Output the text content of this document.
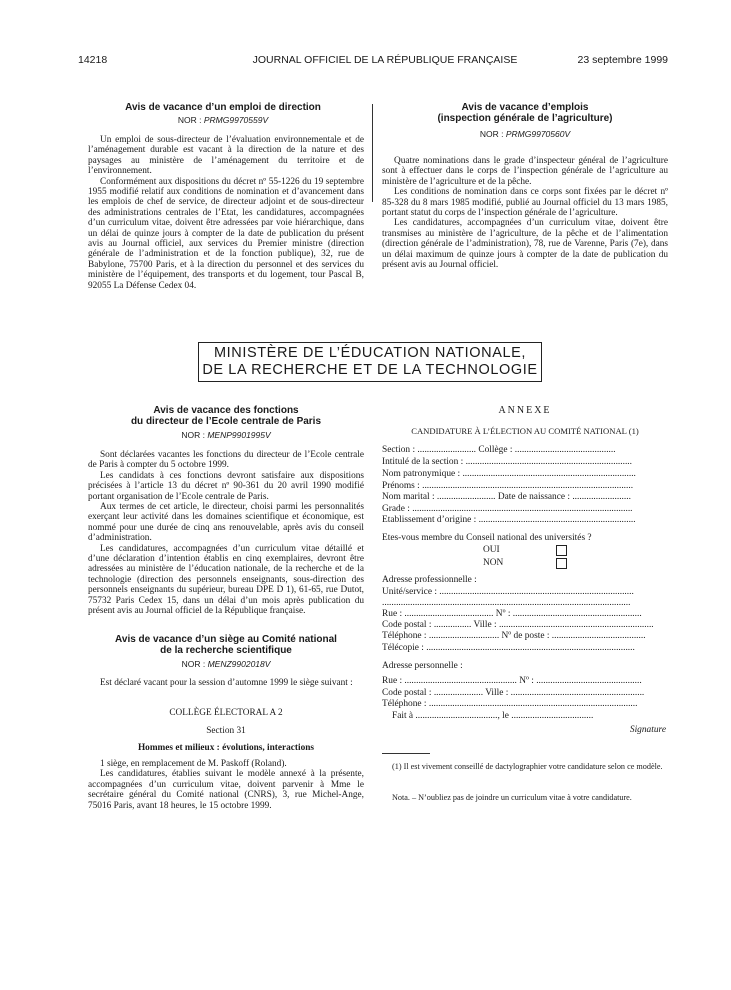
14218	JOURNAL OFFICIEL DE LA RÉPUBLIQUE FRANÇAISE	23 septembre 1999
Avis de vacance d’un emploi de direction
NOR : PRMG9970559V

Un emploi de sous-directeur de l’évaluation environnementale et de l’aménagement durable est vacant à la direction de la nature et des paysages au ministère de l’aménagement du territoire et de l’environnement.

Conformément aux dispositions du décret nº 55-1226 du 19 septembre 1955 modifié relatif aux conditions de nomination et d’avancement dans les emplois de chef de service, de directeur adjoint et de sous-directeur des administrations centrales de l’Etat, les candidatures, accompagnées d’un curriculum vitae, doivent être adressées par voie hiérarchique, dans un délai de quinze jours à compter de la date de publication du présent avis au Journal officiel, aux services du Premier ministre (direction générale de l’administration et de la fonction publique), 32, rue de Babylone, 75700 Paris, et à la direction du personnel et des services du ministère de l’équipement, des transports et du logement, tour Pascal B, 92055 La Défense Cedex 04.

Avis de vacance d’emplois
(inspection générale de l’agriculture)
NOR : PRMG9970560V

Quatre nominations dans le grade d’inspecteur général de l’agriculture sont à effectuer dans le corps de l’inspection générale de l’agriculture au ministère de l’agriculture et de la pêche.

Les conditions de nomination dans ce corps sont fixées par le décret nº 85-328 du 8 mars 1985 modifié, publié au Journal officiel du 13 mars 1985, portant statut du corps de l’inspection générale de l’agriculture.

Les candidatures, accompagnées d’un curriculum vitae, doivent être transmises au ministère de l’agriculture, de la pêche et de l’alimentation (direction générale de l’administration), 78, rue de Varenne, Paris (7e), dans un délai maximum de quinze jours à compter de la date de publication du présent avis au Journal officiel.

MINISTÈRE DE L’ÉDUCATION NATIONALE,
DE LA RECHERCHE ET DE LA TECHNOLOGIE
Avis de vacance des fonctions
du directeur de l’Ecole centrale de Paris
NOR : MENP9901995V

Sont déclarées vacantes les fonctions du directeur de l’Ecole centrale de Paris à compter du 5 octobre 1999.

Les candidats à ces fonctions devront satisfaire aux dispositions précisées à l’article 13 du décret nº 90-361 du 20 avril 1990 modifié portant organisation de l’Ecole centrale de Paris.

Aux termes de cet article, le directeur, choisi parmi les personnalités exerçant leur activité dans les domaines scientifique et économique, est nommé pour une durée de cinq ans renouvelable, après avis du conseil d’administration.

Les candidatures, accompagnées d’un curriculum vitae détaillé et d’une déclaration d’intention établis en cinq exemplaires, devront être adressées au ministère de l’éducation nationale, de la recherche et de la technologie (direction des personnels enseignants, sous-direction des personnels enseignants du supérieur, bureau DPE D 1), 61-65, rue Dutot, 75732 Paris Cedex 15, dans un délai d’un mois après publication du présent avis au Journal officiel de la République française.

Avis de vacance d’un siège au Comité national
de la recherche scientifique
NOR : MENZ9902018V

Est déclaré vacant pour la session d’automne 1999 le siège suivant :

COLLÈGE ÉLECTORAL A 2
Section 31
Hommes et milieux : évolutions, interactions

1 siège, en remplacement de M. Paskoff (Roland).

Les candidatures, établies suivant le modèle annexé à la présente, accompagnées d’un curriculum vitae, doivent parvenir à Mme le secrétaire général du Comité national (CNRS), 3, rue Michel-Ange, 75016 Paris, avant 18 heures, le 15 octobre 1999.

ANNEXE
CANDIDATURE À L’ÉLECTION AU COMITÉ NATIONAL (1)
Section : ......................... Collège : ...........................................
Intitulé de la section : .......................................................................
Nom patronymique : ..........................................................................
Prénoms : ..........................................................................................
Nom marital : ......................... Date de naissance : .........................
Grade : ..............................................................................................
Etablissement d’origine : ...................................................................
Etes-vous membre du Conseil national des universités ?
OUI
NON
Adresse professionnelle :
Unité/service : ...................................................................................
..........................................................................................................
Rue : ...................................... Nº : .......................................................
Code postal : ................ Ville : ..................................................................
Téléphone : .............................. Nº de poste : ........................................
Télécopie : .........................................................................................
Adresse personnelle :
Rue : ................................................ Nº : .............................................
Code postal : ..................... Ville : .........................................................
Téléphone : .........................................................................................
Fait à ..................................., le ...................................
Signature
(1) Il est vivement conseillé de dactylographier votre candidature selon ce modèle.
Nota. – N’oubliez pas de joindre un curriculum vitae à votre candidature.
